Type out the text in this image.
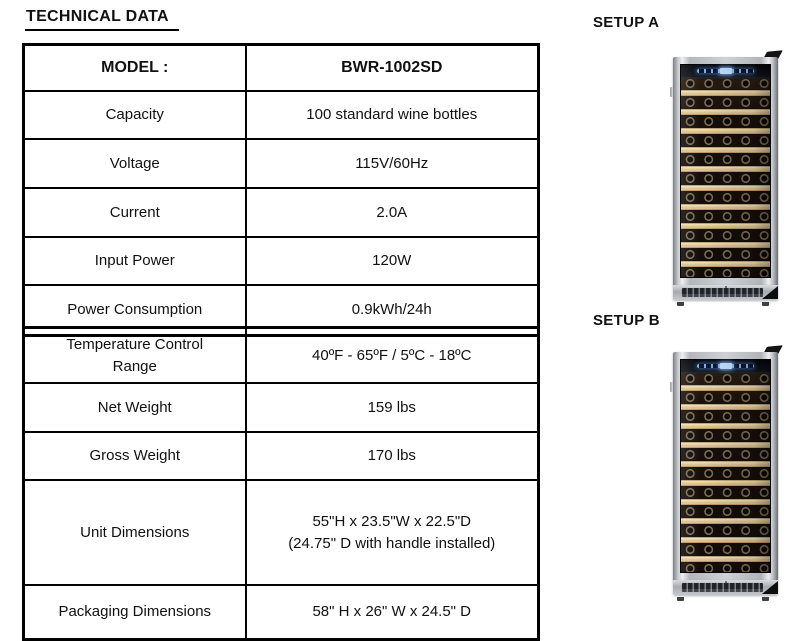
TECHNICAL DATA
MODEL :	BWR-1002SD

Capacity	100 standard wine bottles

Voltage	115V/60Hz

Current	2.0A

Input Power	120W

Power Consumption	0.9kWh/24h
Temperature Control Range	40ºF - 65ºF / 5ºC - 18ºC

Net Weight	159 lbs

Gross Weight	170 lbs

Unit Dimensions	55"H x 23.5"W x 22.5"D
(24.75" D with handle installed)

Packaging Dimensions	58" H x 26" W x 24.5" D
SETUP A
SETUP B
